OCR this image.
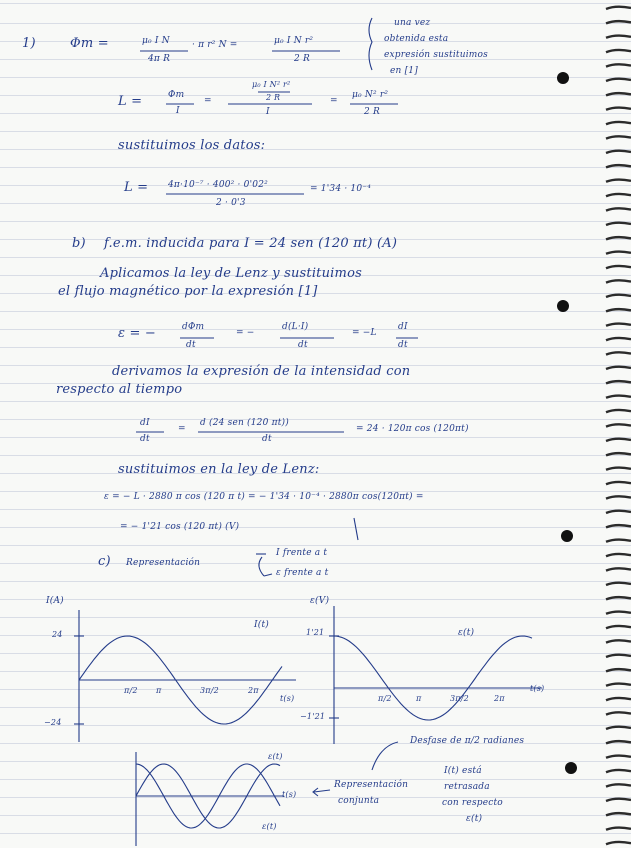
1)	Φm =	μ₀ I N
4π R
· π r² N =	μ₀ I N r²
2 R
una vez
obtenida esta
expresión sustituimos
en [1]
L =	Φm
I
=
μ₀ I N² r²
2 R
I
=
μ₀ N² r²
2 R
sustituimos los datos:
L = 4π·10⁻⁷ · 400² · 0'02²
2 · 0'3
= 1'34 · 10⁻⁴
b) f.e.m. inducida para I = 24 sen (120 πt) (A)
Aplicamos la ley de Lenz y sustituimos
el flujo magnético por la expresión [1]
ε = −	dΦm
dt
= −
d(L·I)
dt
= −L
dI
dt
derivamos la expresión de la intensidad con
respecto al tiempo
dI
dt
=
d (24 sen (120 πt))
dt
= 24 · 120π cos (120πt)
sustituimos en la ley de Lenz:
ε = − L · 2880 π cos (120 π t) = − 1'34 · 10⁻⁴ · 2880π cos(120πt) =
= − 1'21 cos (120 πt) (V)
c) Representación
I frente a t
ε frente a t
I(A)
I(t)
24
−24
π/2 π	3π/2	2π
t(s)
ε(V)
ε(t)
1'21
−1'21
π/2	π	3π/2	2π
t(s)
Desfase de π/2 radianes
Representación
conjunta
ε(t)
t(s)
ε(t)
I(t) está
retrasada
con respecto
ε(t)
